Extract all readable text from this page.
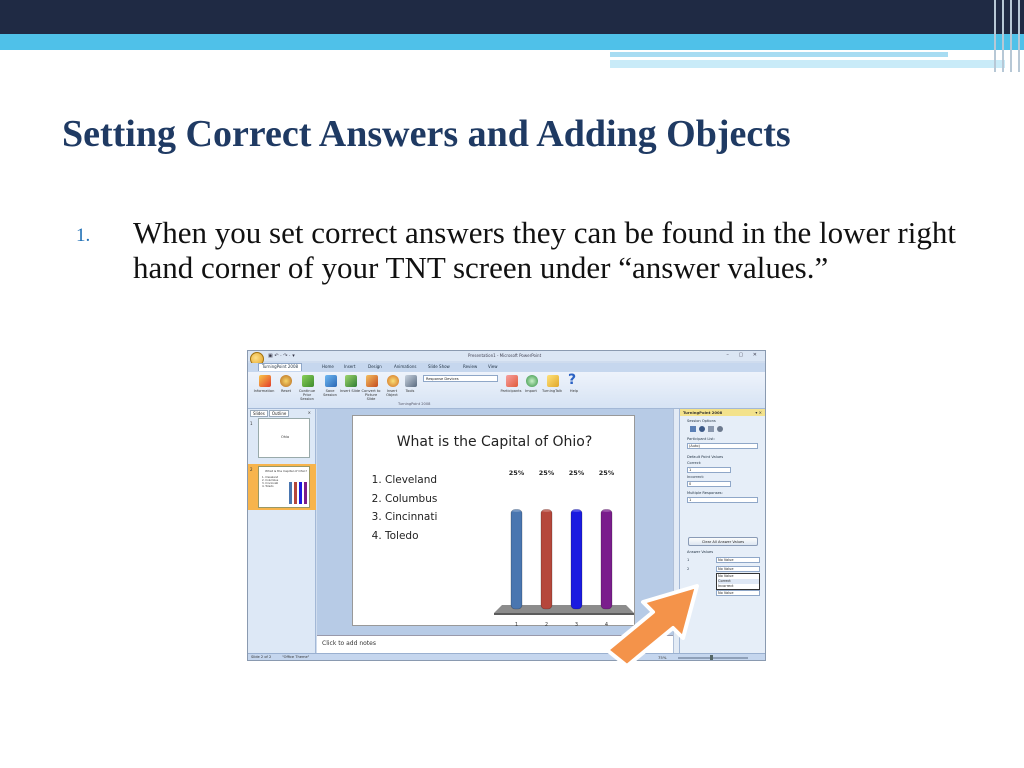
Setting Correct Answers and Adding Objects
1. When you set correct answers they can be found in the lower right hand corner of your TNT screen under “answer values.”
▣ ↶ · ↷ · ▾	Presentation1 - Microsoft PowerPoint	– ▢ ✕
TurningPoint 2008	Home	Insert	Design	Animations	Slide Show	Review	View
Information	Reset	Continue Prior Session
Save Session
Insert Slide Convert to Picture Slide
Insert Object
Tools
Response Devices
Participants Import	TurningTalk
?
Help
TurningPoint 2008
Slides Outline	×
1
Ohio
2	What is the Capital of Ohio?
1. Cleveland
2. Columbus
3. Cincinnati
4. Toledo
What is the Capital of Ohio?
1. Cleveland
2. Columbus
3. Cincinnati
4. Toledo
25%
1
25%
2
25%
3
25%
4
Click to add notes
TurningPoint 2008	▾ ×
Session Options
Participant List:
(Auto)
Default Point Values
Correct:
1
Incorrect:
0
Multiple Responses:
1
Clear All Answer Values
Answer Values
1	No Value
2	No Value
No Value
Correct
Incorrect
No Value
Slide 2 of 2	"Office Theme"	75%
